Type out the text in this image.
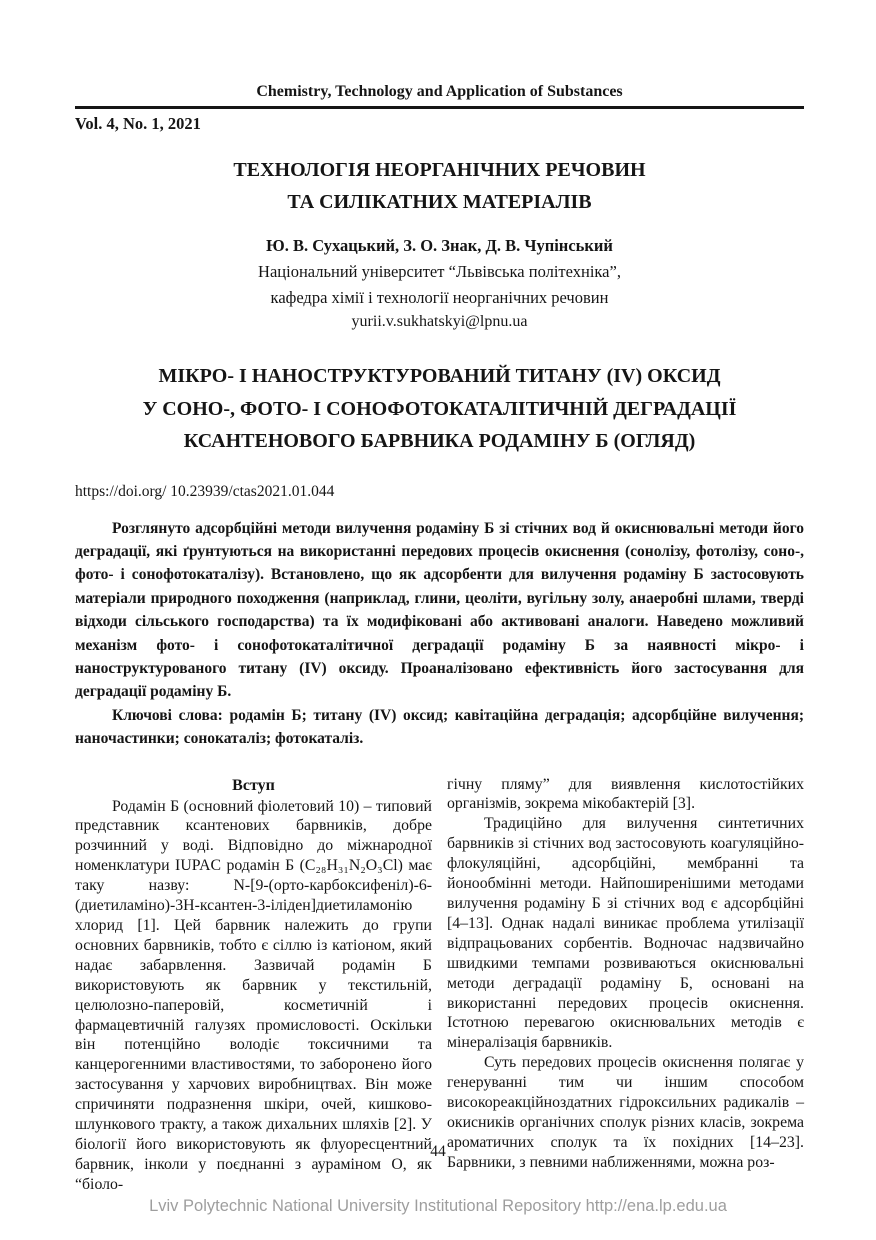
Chemistry, Technology and Application of Substances
Vol. 4, No. 1, 2021
ТЕХНОЛОГІЯ НЕОРГАНІЧНИХ РЕЧОВИН
ТА СИЛІКАТНИХ МАТЕРІАЛІВ
Ю. В. Сухацький, З. О. Знак, Д. В. Чупінський
Національний університет “Львівська політехніка”,
кафедра хімії і технології неорганічних речовин
yurii.v.sukhatskyi@lpnu.ua
МІКРО- І НАНОСТРУКТУРОВАНИЙ ТИТАНУ (IV) ОКСИД
У СОНО-, ФОТО- І СОНОФОТОКАТАЛІТИЧНІЙ ДЕГРАДАЦІЇ
КСАНТЕНОВОГО БАРВНИКА РОДАМІНУ Б (ОГЛЯД)
https://doi.org/ 10.23939/ctas2021.01.044

Розглянуто адсорбційні методи вилучення родаміну Б зі стічних вод й окиснювальні методи його деградації, які ґрунтуються на використанні передових процесів окиснення (сонолізу, фотолізу, соно-, фото- і сонофотокаталізу). Встановлено, що як адсорбенти для вилучення родаміну Б застосовують матеріали природного походження (наприклад, глини, цеоліти, вугільну золу, анаеробні шлами, тверді відходи сільського господарства) та їх модифіковані або активовані аналоги. Наведено можливий механізм фото- і сонофотокаталітичної деградації родаміну Б за наявності мікро- і наноструктурованого титану (IV) оксиду. Проаналізовано ефективність його застосування для деградації родаміну Б.

Ключові слова: родамін Б; титану (IV) оксид; кавітаційна деградація; адсорбційне вилучення; наночастинки; сонокаталіз; фотокаталіз.

Вступ

Родамін Б (основний фіолетовий 10) – типовий представник ксантенових барвників, добре розчинний у воді. Відповідно до міжнародної номенклатури IUPAC родамін Б (C₂₈H₃₁N₂O₃Cl) має таку назву: N-[9-(орто-карбоксифеніл)-6-(диетиламіно)-3Н-ксантен-3-іліден]диетиламонію хлорид [1]. Цей барвник належить до групи основних барвників, тобто є сіллю із катіоном, який надає забарвлення. Зазвичай родамін Б використовують як барвник у текстильній, целюлозно-паперовій, косметичній і фармацевтичній галузях промисловості. Оскільки він потенційно володіє токсичними та канцерогенними властивостями, то заборонено його застосування у харчових виробництвах. Він може спричиняти подразнення шкіри, очей, кишково-шлункового тракту, а також дихальних шляхів [2]. У біології його використовують як флуоресцентний барвник, інколи у поєднанні з аураміном О, як “біоло-

гічну пляму” для виявлення кислотостійких організмів, зокрема мікобактерій [3].

Традиційно для вилучення синтетичних барвників зі стічних вод застосовують коагуляційно-флокуляційні, адсорбційні, мембранні та йонообмінні методи. Найпоширенішими методами вилучення родаміну Б зі стічних вод є адсорбційні [4–13]. Однак надалі виникає проблема утилізації відпрацьованих сорбентів. Водночас надзвичайно швидкими темпами розвиваються окиснювальні методи деградації родаміну Б, основані на використанні передових процесів окиснення. Істотною перевагою окиснювальних методів є мінералізація барвників.

Суть передових процесів окиснення полягає у генеруванні тим чи іншим способом високореакційноздатних гідроксильних радикалів – окисників органічних сполук різних класів, зокрема ароматичних сполук та їх похідних [14–23]. Барвники, з певними наближеннями, можна роз-

44
Lviv Polytechnic National University Institutional Repository http://ena.lp.edu.ua
